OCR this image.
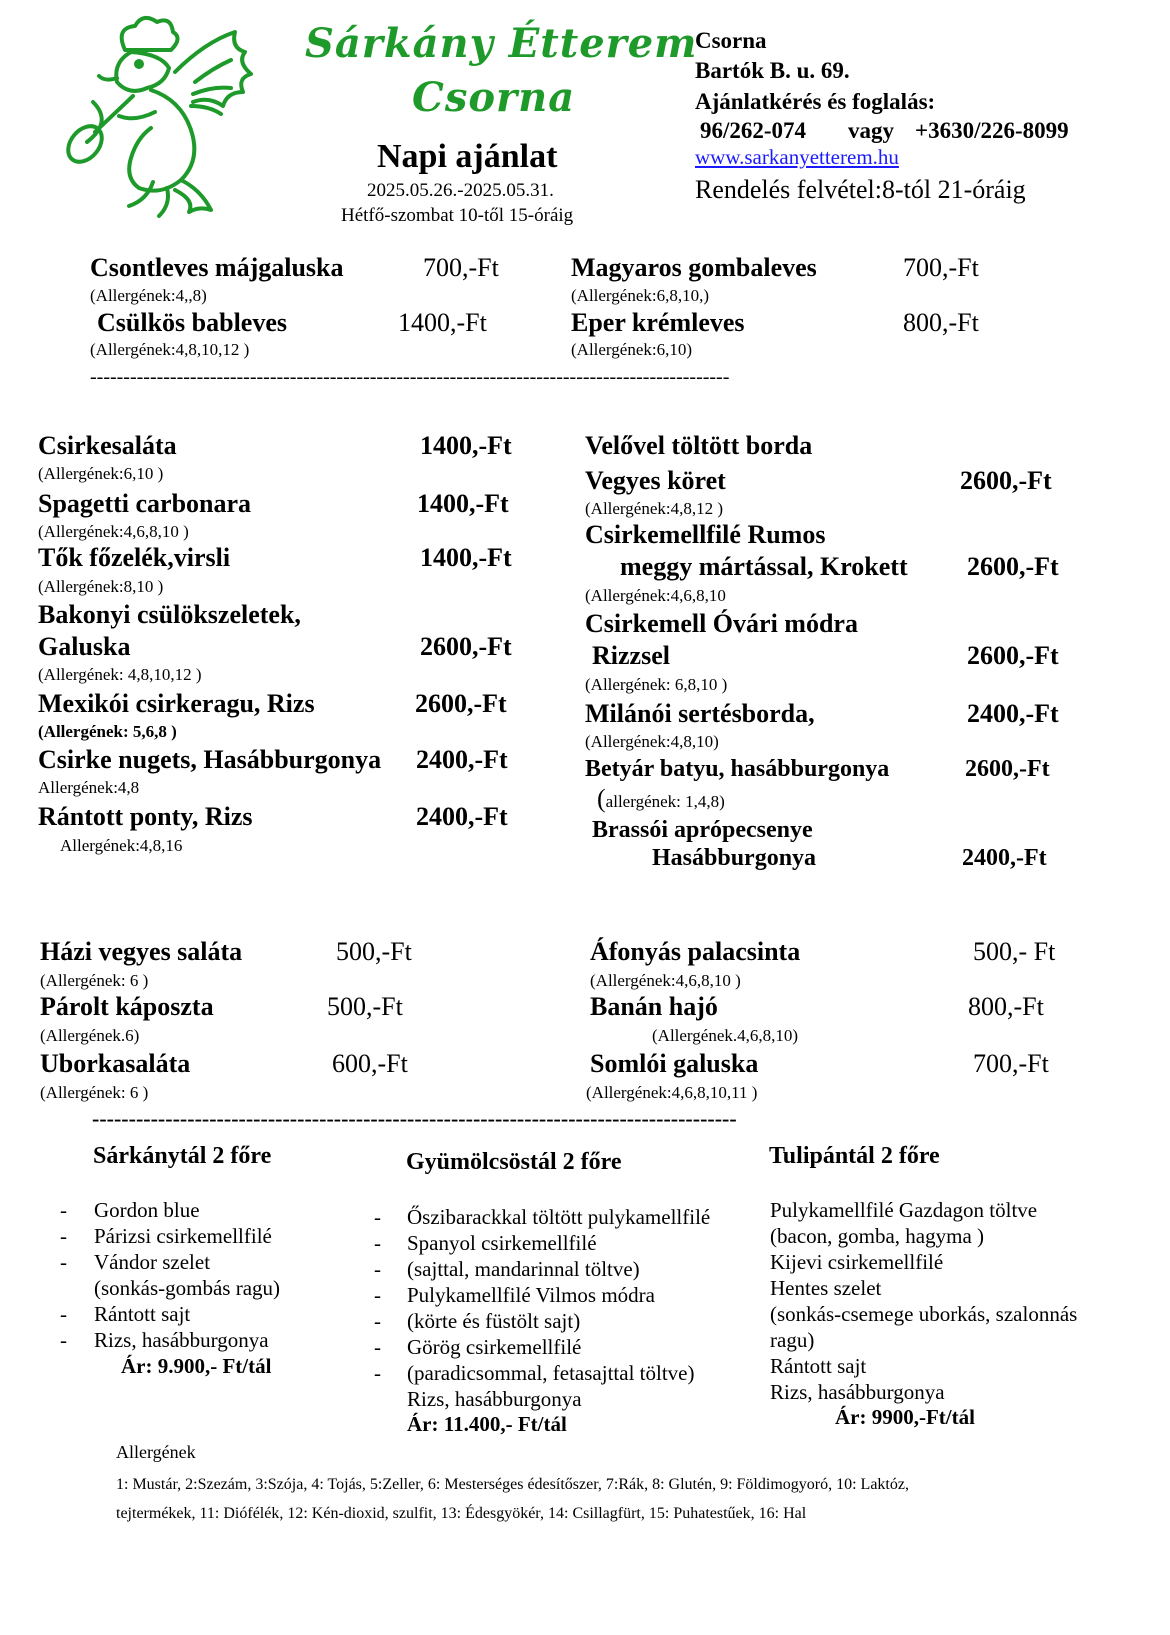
Sárkány Étterem
Csorna
Napi ajánlat
2025.05.26.-2025.05.31.
Hétfő-szombat 10-től 15-óráig
Csorna
Bartók B. u. 69.
Ajánlatkérés és foglalás:
96/262-074 vagy +3630/226-8099
www.sarkanyetterem.hu
Rendelés felvétel:8-tól 21-óráig
Csontleves májgaluska	700,-Ft
(Allergének:4,,8)
Csülkös bableves	1400,-Ft
(Allergének:4,8,10,12 )
Magyaros gombaleves	700,-Ft
(Allergének:6,8,10,)
Eper krémleves	800,-Ft
(Allergének:6,10)
------------------------------------------------------------------------------------------------
Csirkesaláta	1400,-Ft
(Allergének:6,10 )
Spagetti carbonara	1400,-Ft
(Allergének:4,6,8,10 )
Tők főzelék,virsli	1400,-Ft
(Allergének:8,10 )
Bakonyi csülökszeletek,
Galuska	2600,-Ft
(Allergének: 4,8,10,12 )
Mexikói csirkeragu, Rizs	2600,-Ft
(Allergének: 5,6,8 )
Csirke nugets, Hasábburgonya 2400,-Ft
Allergének:4,8
Rántott ponty, Rizs	2400,-Ft
Allergének:4,8,16
Velővel töltött borda
Vegyes köret	2600,-Ft
(Allergének:4,8,12 )
Csirkemellfilé Rumos
meggy mártással, Krokett 2600,-Ft
(Allergének:4,6,8,10
Csirkemell Óvári módra
Rizzsel	2600,-Ft
(Allergének: 6,8,10 )
Milánói sertésborda,	2400,-Ft
(Allergének:4,8,10)
Betyár batyu, hasábburgonya	2600,-Ft
(allergének: 1,4,8)
Brassói aprópecsenye
Hasábburgonya	2400,-Ft
Házi vegyes saláta	500,-Ft
(Allergének: 6 )
Párolt káposzta	500,-Ft
(Allergének.6)
Uborkasaláta	600,-Ft
(Allergének: 6 )
Áfonyás palacsinta	500,- Ft
(Allergének:4,6,8,10 )
Banán hajó	800,-Ft
(Allergének.4,6,8,10)
Somlói galuska	700,-Ft
(Allergének:4,6,8,10,11 )
----------------------------------------------------------------------------------------
Sárkánytál 2 főre
- Gordon blue
- Párizsi csirkemellfilé
- Vándor szelet
(sonkás-gombás ragu)
- Rántott sajt
- Rizs, hasábburgonya
Ár: 9.900,- Ft/tál
Gyümölcsöstál 2 főre
- Őszibarackkal töltött pulykamellfilé
- Spanyol csirkemellfilé
- (sajttal, mandarinnal töltve)
- Pulykamellfilé Vilmos módra
- (körte és füstölt sajt)
- Görög csirkemellfilé
- (paradicsommal, fetasajttal töltve)
Rizs, hasábburgonya
Ár: 11.400,- Ft/tál
Tulipántál 2 főre
Pulykamellfilé Gazdagon töltve
(bacon, gomba, hagyma )
Kijevi csirkemellfilé
Hentes szelet
(sonkás-csemege uborkás, szalonnás
ragu)
Rántott sajt
Rizs, hasábburgonya
Ár: 9900,-Ft/tál
Allergének
1: Mustár, 2:Szezám, 3:Szója, 4: Tojás, 5:Zeller, 6: Mesterséges édesítőszer, 7:Rák, 8: Glutén, 9: Földimogyoró, 10: Laktóz,
tejtermékek, 11: Diófélék, 12: Kén-dioxid, szulfit, 13: Édesgyökér, 14: Csillagfürt, 15: Puhatestűek, 16: Hal
